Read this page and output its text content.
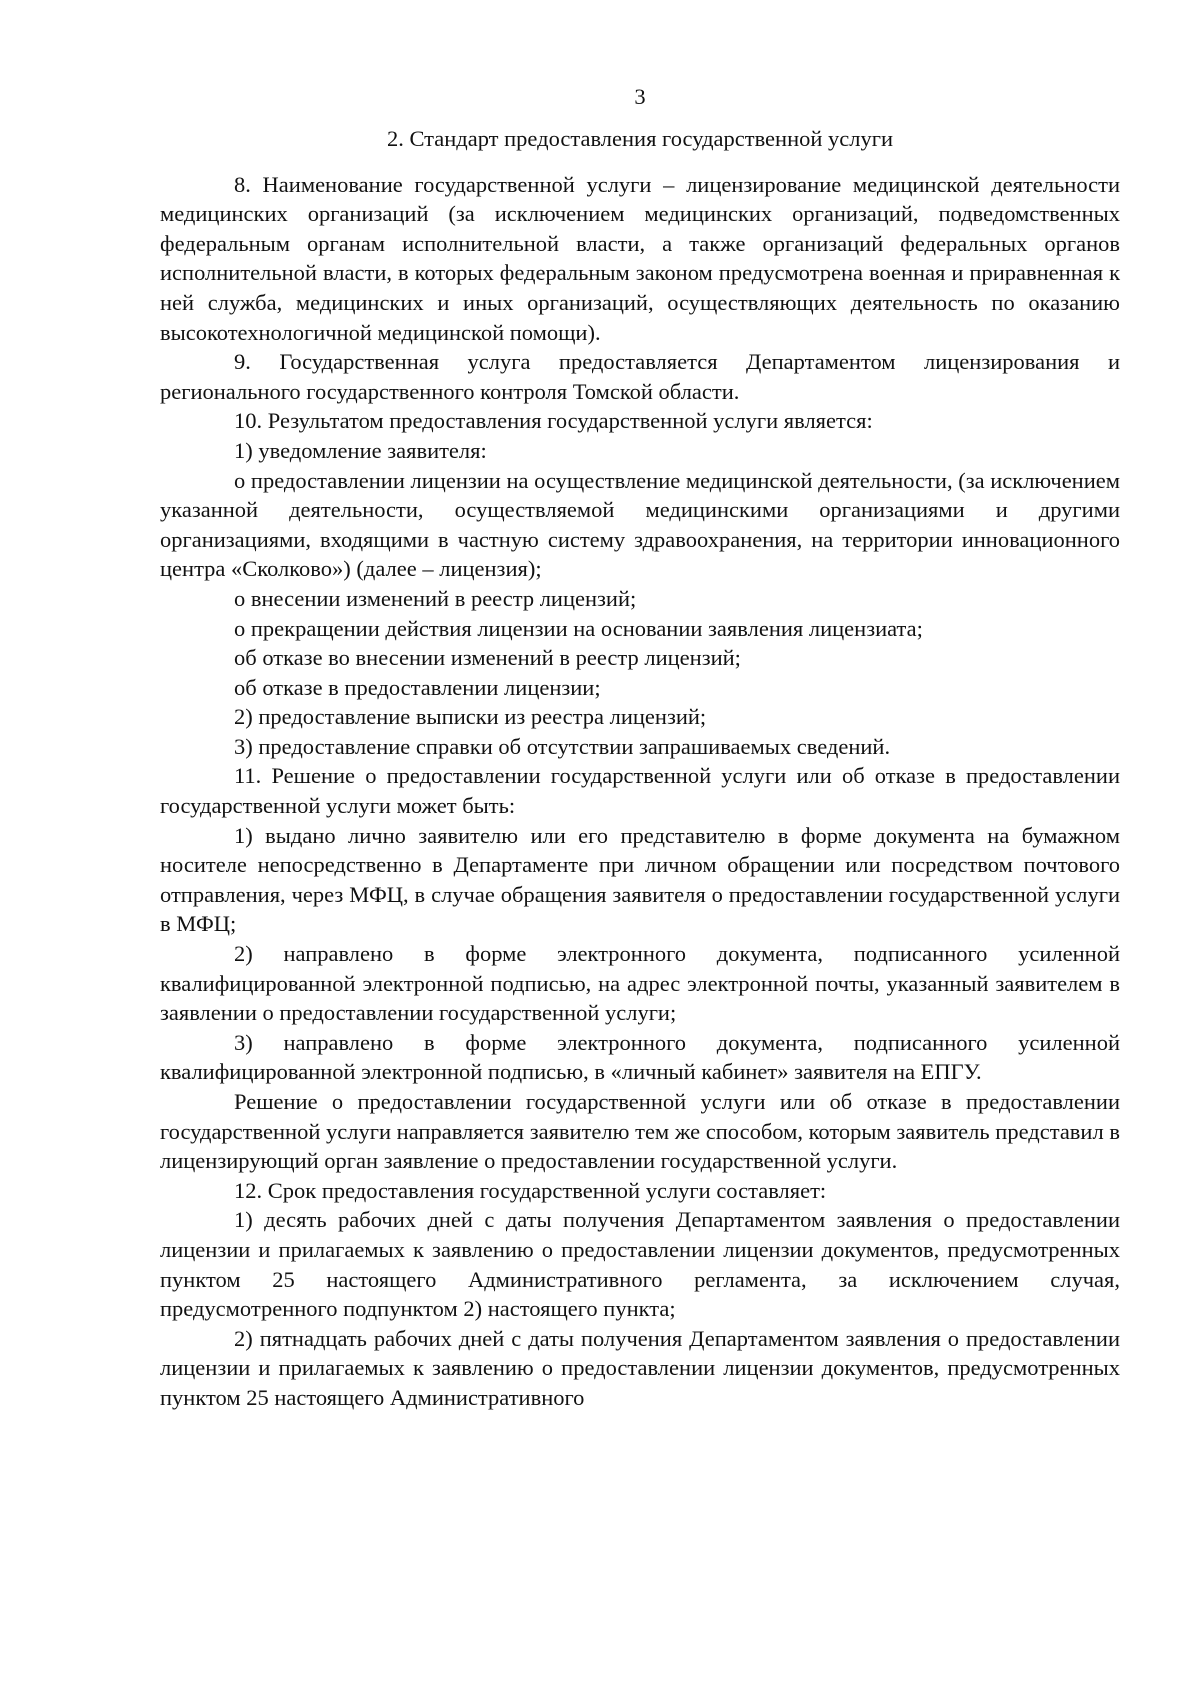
3
2. Стандарт предоставления государственной услуги

8. Наименование государственной услуги – лицензирование медицинской деятельности медицинских организаций (за исключением медицинских организаций, подведомственных федеральным органам исполнительной власти, а также организаций федеральных органов исполнительной власти, в которых федеральным законом предусмотрена военная и приравненная к ней служба, медицинских и иных организаций, осуществляющих деятельность по оказанию высокотехнологичной медицинской помощи).

9. Государственная услуга предоставляется Департаментом лицензирования и регионального государственного контроля Томской области.

10. Результатом предоставления государственной услуги является:

1) уведомление заявителя:

о предоставлении лицензии на осуществление медицинской деятельности, (за исключением указанной деятельности, осуществляемой медицинскими организациями и другими организациями, входящими в частную систему здравоохранения, на территории инновационного центра «Сколково») (далее – лицензия);

о внесении изменений в реестр лицензий;

о прекращении действия лицензии на основании заявления лицензиата;

об отказе во внесении изменений в реестр лицензий;

об отказе в предоставлении лицензии;

2) предоставление выписки из реестра лицензий;

3) предоставление справки об отсутствии запрашиваемых сведений.

11. Решение о предоставлении государственной услуги или об отказе в предоставлении государственной услуги может быть:

1) выдано лично заявителю или его представителю в форме документа на бумажном носителе непосредственно в Департаменте при личном обращении или посредством почтового отправления, через МФЦ, в случае обращения заявителя о предоставлении государственной услуги в МФЦ;

2) направлено в форме электронного документа, подписанного усиленной квалифицированной электронной подписью, на адрес электронной почты, указанный заявителем в заявлении о предоставлении государственной услуги;

3) направлено в форме электронного документа, подписанного усиленной квалифицированной электронной подписью, в «личный кабинет» заявителя на ЕПГУ.

Решение о предоставлении государственной услуги или об отказе в предоставлении государственной услуги направляется заявителю тем же способом, которым заявитель представил в лицензирующий орган заявление о предоставлении государственной услуги.

12. Срок предоставления государственной услуги составляет:

1) десять рабочих дней с даты получения Департаментом заявления о предоставлении лицензии и прилагаемых к заявлению о предоставлении лицензии документов, предусмотренных пунктом 25 настоящего Административного регламента, за исключением случая, предусмотренного подпунктом 2) настоящего пункта;

2) пятнадцать рабочих дней с даты получения Департаментом заявления о предоставлении лицензии и прилагаемых к заявлению о предоставлении лицензии документов, предусмотренных пунктом 25 настоящего Административного
